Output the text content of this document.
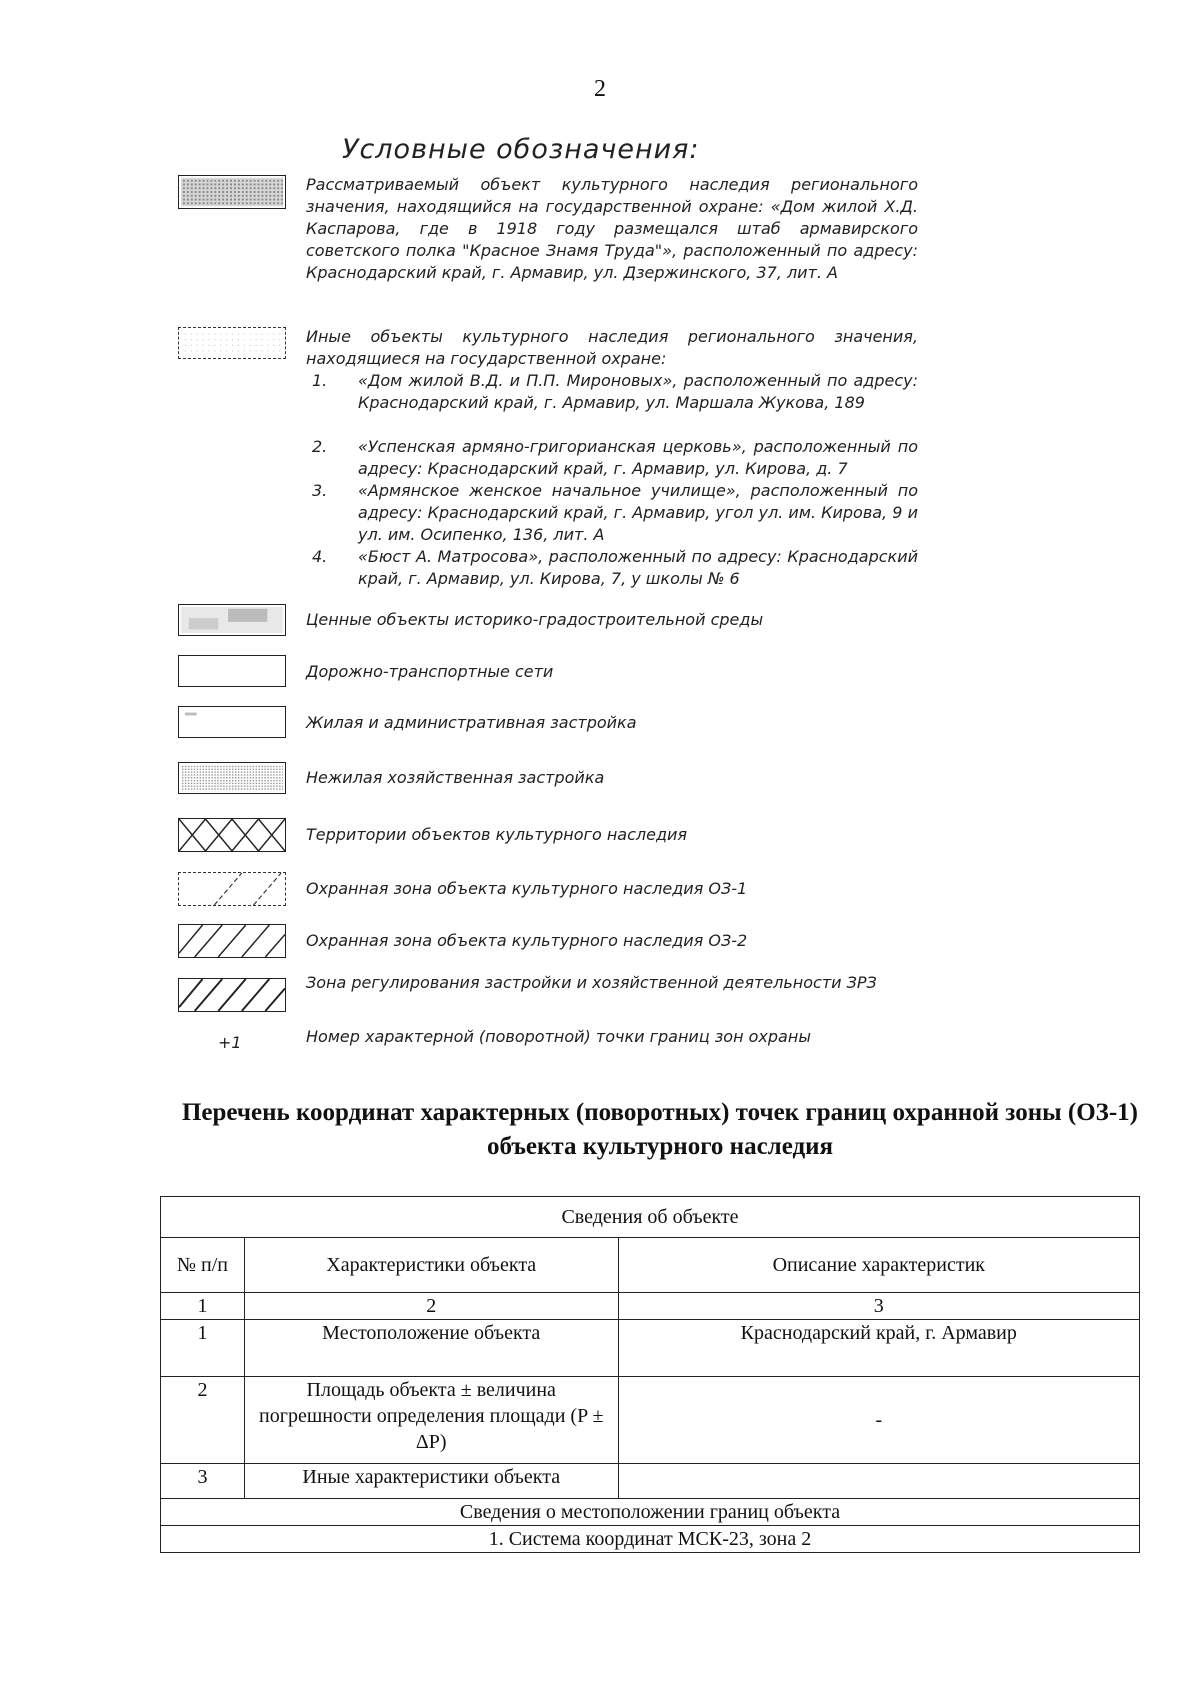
2
Условные обозначения:
Рассматриваемый объект культурного наследия регионального значения, находящийся на государственной охране: «Дом жилой Х.Д. Каспарова, где в 1918 году размещался штаб армавирского советского полка "Красное Знамя Труда"», расположенный по адресу: Краснодарский край, г. Армавир, ул. Дзержинского, 37, лит. А
Иные объекты культурного наследия регионального значения, находящиеся на государственной охране:
1. «Дом жилой В.Д. и П.П. Мироновых», расположенный по адресу: Краснодарский край, г. Армавир, ул. Маршала Жукова, 189
2. «Успенская армяно-григорианская церковь», расположенный по адресу: Краснодарский край, г. Армавир, ул. Кирова, д. 7
3. «Армянское женское начальное училище», расположенный по адресу: Краснодарский край, г. Армавир, угол ул. им. Кирова, 9 и ул. им. Осипенко, 136, лит. А
4. «Бюст А. Матросова», расположенный по адресу: Краснодарский край, г. Армавир, ул. Кирова, 7, у школы № 6
Ценные объекты историко-градостроительной среды
Дорожно-транспортные сети
Жилая и административная застройка
Нежилая хозяйственная застройка
Территории объектов культурного наследия
Охранная зона объекта культурного наследия ОЗ-1
Охранная зона объекта культурного наследия ОЗ-2
Зона регулирования застройки и хозяйственной деятельности ЗРЗ
+1	Номер характерной (поворотной) точки границ зон охраны
Перечень координат характерных (поворотных) точек границ охранной зоны (ОЗ-1) объекта культурного наследия
Сведения об объекте		
№ п/п	Характеристики объекта	Описание характеристик
1	2	3
1	Местоположение объекта	Краснодарский край, г. Армавир
2	Площадь объекта ± величина погрешности определения площади (P ± ΔP)	-
3	Иные характеристики объекта	
Сведения о местоположении границ объекта		
1. Система координат МСК-23, зона 2		
